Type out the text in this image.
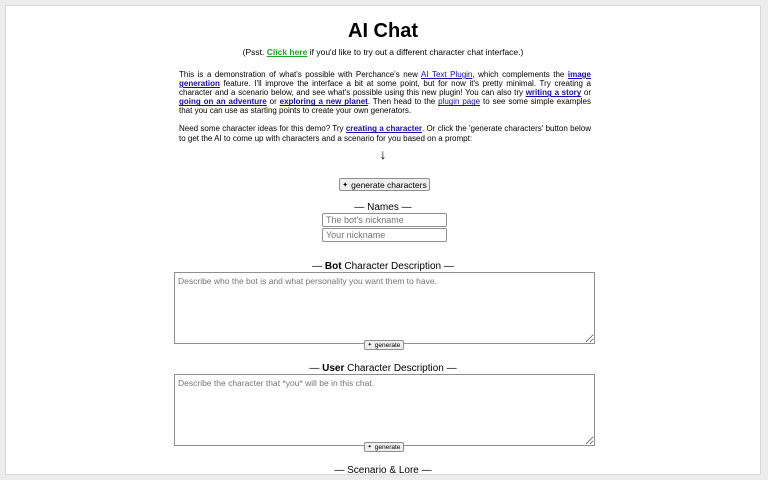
AI Chat
(Psst. Click here if you'd like to try out a different character chat interface.)

This is a demonstration of what's possible with Perchance's new AI Text Plugin, which complements the image generation feature. I'll improve the interface a bit at some point, but for now it's pretty minimal. Try creating a character and a scenario below, and see what's possible using this new plugin! You can also try writing a story or going on an adventure or exploring a new planet. Then head to the plugin page to see some simple examples that you can use as starting points to create your own generators.

Need some character ideas for this demo? Try creating a character. Or click the 'generate characters' button below to get the AI to come up with characters and a scenario for you based on a prompt:

↓
✦ generate characters
— Names —
The bot's nickname
Your nickname
— Bot Character Description —
Describe who the bot is and what personality you want them to have.
✦ generate
— User Character Description —
Describe the character that *you* will be in this chat.
✦ generate
— Scenario & Lore —
